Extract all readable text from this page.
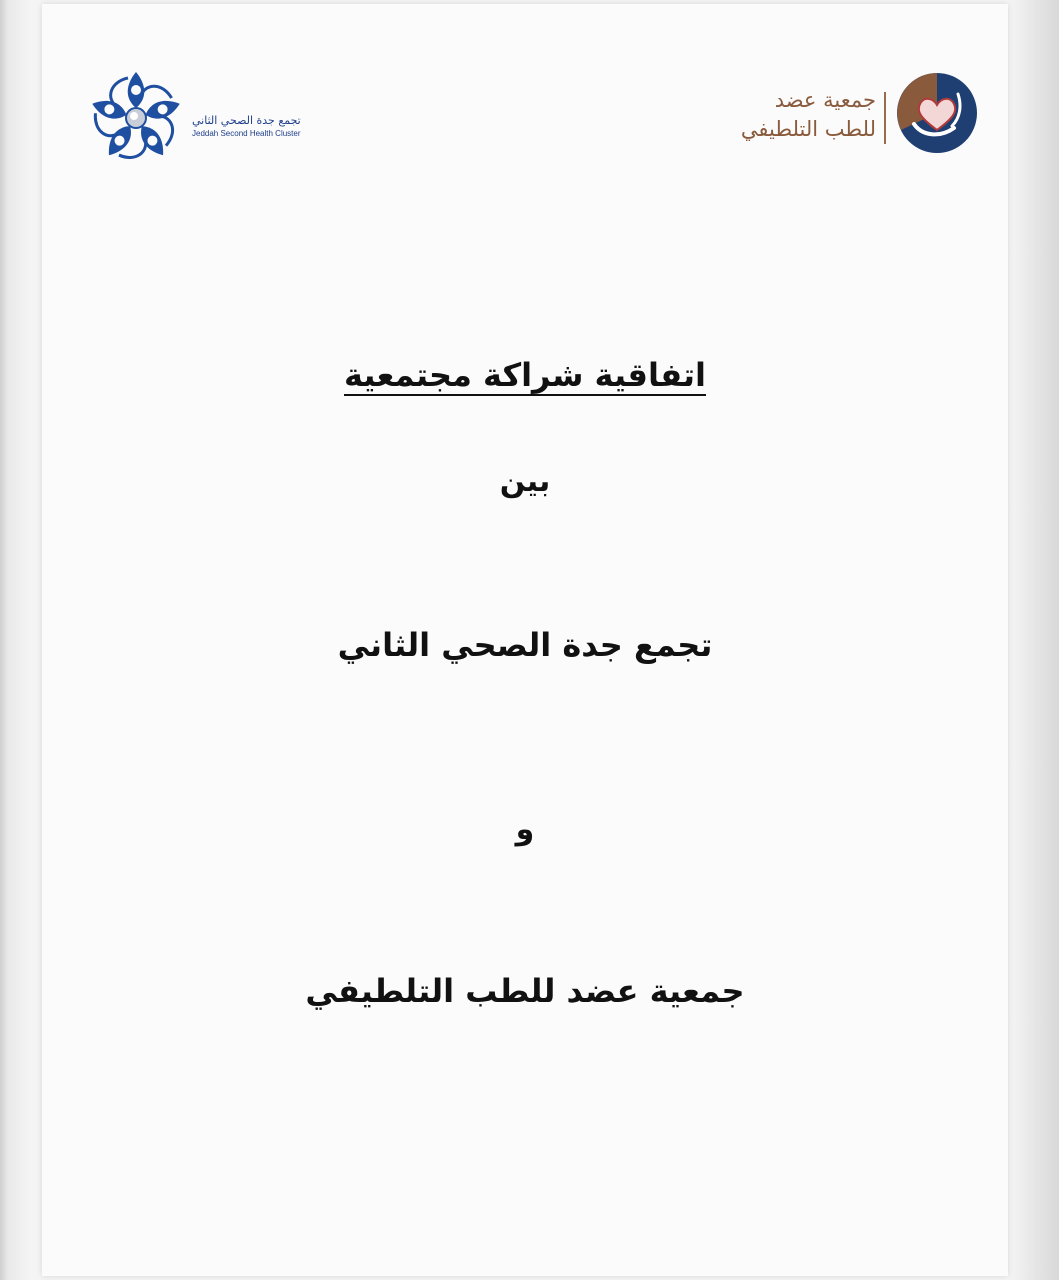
تجمع جدة الصحي الثاني
Jeddah Second Health Cluster
جمعية عضد
للطب التلطيفي
اتفاقية شراكة مجتمعية
بين
تجمع جدة الصحي الثاني
و
جمعية عضد للطب التلطيفي
